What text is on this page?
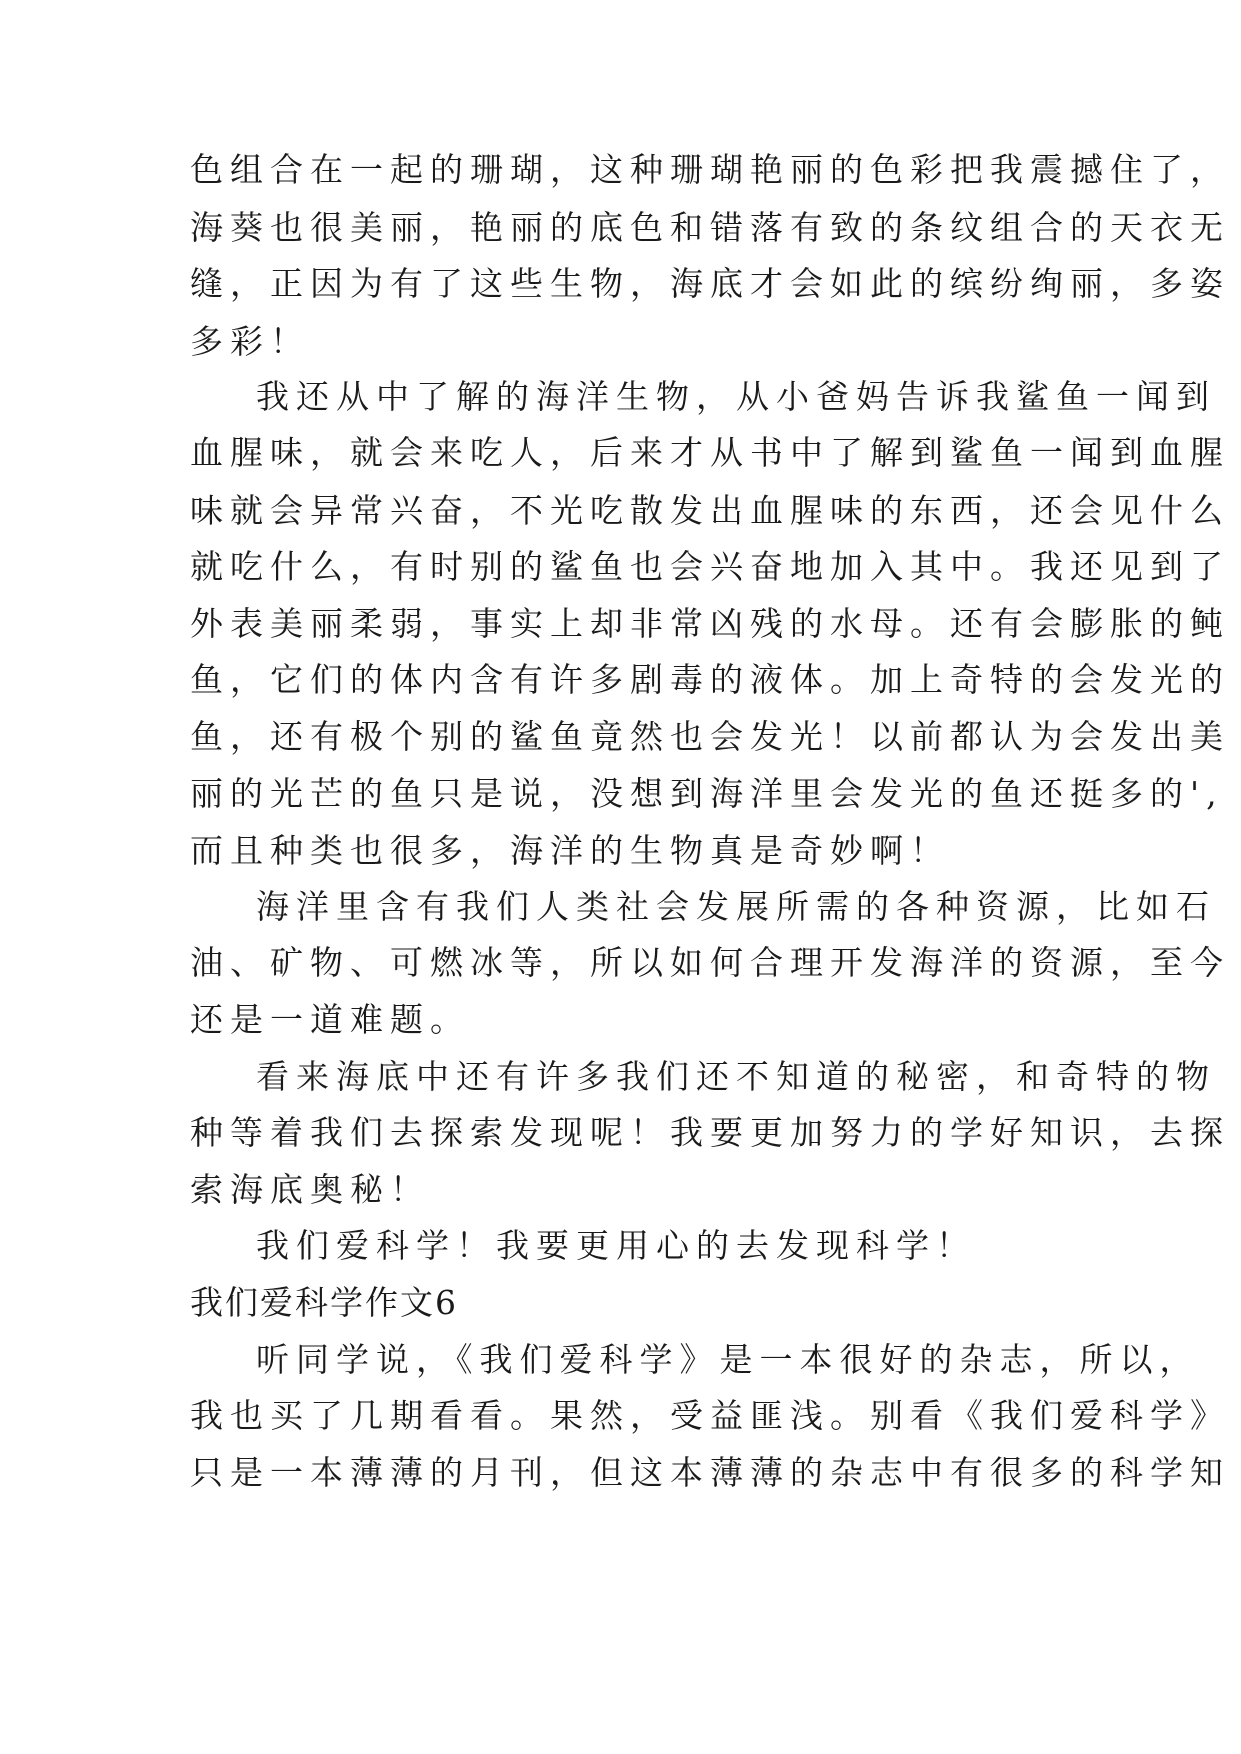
色组合在一起的珊瑚，这种珊瑚艳丽的色彩把我震撼住了，
海葵也很美丽，艳丽的底色和错落有致的条纹组合的天衣无
缝，正因为有了这些生物，海底才会如此的缤纷绚丽，多姿
多彩！
我还从中了解的海洋生物，从小爸妈告诉我鲨鱼一闻到
血腥味，就会来吃人，后来才从书中了解到鲨鱼一闻到血腥
味就会异常兴奋，不光吃散发出血腥味的东西，还会见什么
就吃什么，有时别的鲨鱼也会兴奋地加入其中。我还见到了
外表美丽柔弱，事实上却非常凶残的水母。还有会膨胀的鲀
鱼，它们的体内含有许多剧毒的液体。加上奇特的会发光的
鱼，还有极个别的鲨鱼竟然也会发光！以前都认为会发出美
丽的光芒的鱼只是说，没想到海洋里会发光的鱼还挺多的',
而且种类也很多，海洋的生物真是奇妙啊！
海洋里含有我们人类社会发展所需的各种资源，比如石
油、矿物、可燃冰等，所以如何合理开发海洋的资源，至今
还是一道难题。
看来海底中还有许多我们还不知道的秘密，和奇特的物
种等着我们去探索发现呢！我要更加努力的学好知识，去探
索海底奥秘！
我们爱科学！我要更用心的去发现科学！
我们爱科学作文6
听同学说，《我们爱科学》是一本很好的杂志，所以，
我也买了几期看看。果然，受益匪浅。别看《我们爱科学》
只是一本薄薄的月刊，但这本薄薄的杂志中有很多的科学知
